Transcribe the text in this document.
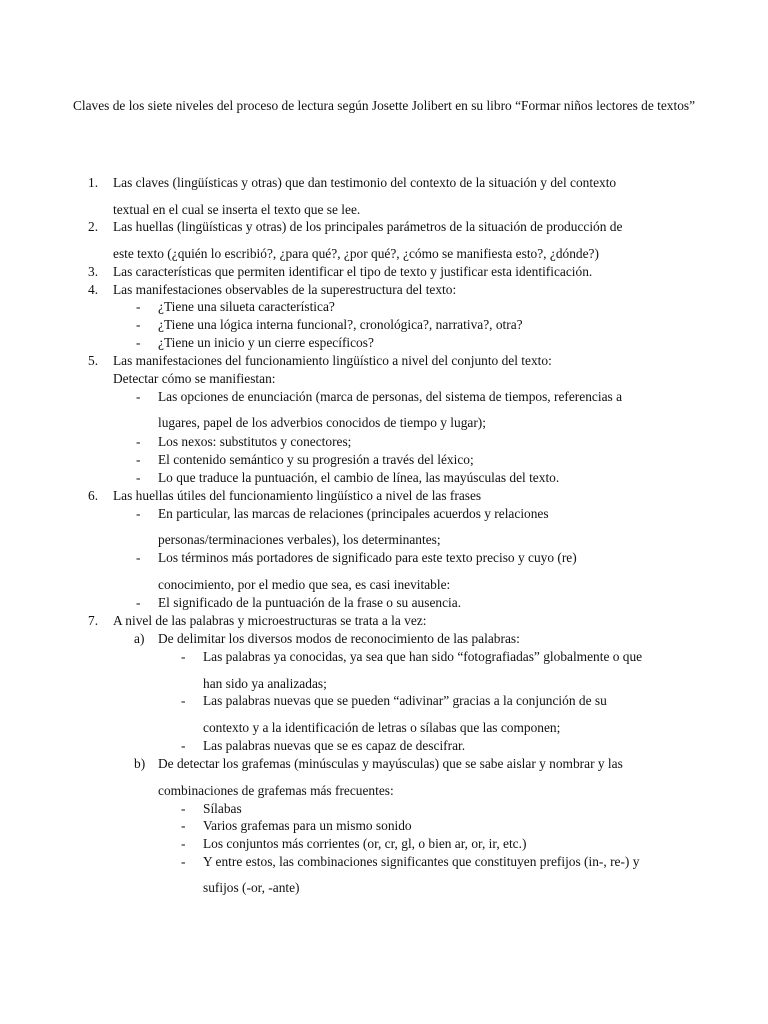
Claves de los siete niveles del proceso de lectura según Josette Jolibert en su libro “Formar niños lectores de textos”

1. Las claves (lingüísticas y otras) que dan testimonio del contexto de la situación y del contexto
textual en el cual se inserta el texto que se lee.
2. Las huellas (lingüísticas y otras) de los principales parámetros de la situación de producción de
este texto (¿quién lo escribió?, ¿para qué?, ¿por qué?, ¿cómo se manifiesta esto?, ¿dónde?)
3. Las características que permiten identificar el tipo de texto y justificar esta identificación.
4. Las manifestaciones observables de la superestructura del texto:
- ¿Tiene una silueta característica?
- ¿Tiene una lógica interna funcional?, cronológica?, narrativa?, otra?
- ¿Tiene un inicio y un cierre específicos?
5. Las manifestaciones del funcionamiento lingüístico a nivel del conjunto del texto:
Detectar cómo se manifiestan:
- Las opciones de enunciación (marca de personas, del sistema de tiempos, referencias a
lugares, papel de los adverbios conocidos de tiempo y lugar);
- Los nexos: substitutos y conectores;
- El contenido semántico y su progresión a través del léxico;
- Lo que traduce la puntuación, el cambio de línea, las mayúsculas del texto.
6. Las huellas útiles del funcionamiento lingüístico a nivel de las frases
- En particular, las marcas de relaciones (principales acuerdos y relaciones
personas/terminaciones verbales), los determinantes;
- Los términos más portadores de significado para este texto preciso y cuyo (re)
conocimiento, por el medio que sea, es casi inevitable:
- El significado de la puntuación de la frase o su ausencia.
7. A nivel de las palabras y microestructuras se trata a la vez:
a) De delimitar los diversos modos de reconocimiento de las palabras:
- Las palabras ya conocidas, ya sea que han sido “fotografiadas” globalmente o que
han sido ya analizadas;
- Las palabras nuevas que se pueden “adivinar” gracias a la conjunción de su
contexto y a la identificación de letras o sílabas que las componen;
- Las palabras nuevas que se es capaz de descifrar.
b) De detectar los grafemas (minúsculas y mayúsculas) que se sabe aislar y nombrar y las
combinaciones de grafemas más frecuentes:
- Sílabas
- Varios grafemas para un mismo sonido
- Los conjuntos más corrientes (or, cr, gl, o bien ar, or, ir, etc.)
- Y entre estos, las combinaciones significantes que constituyen prefijos (in-, re-) y
sufijos (-or, -ante)
